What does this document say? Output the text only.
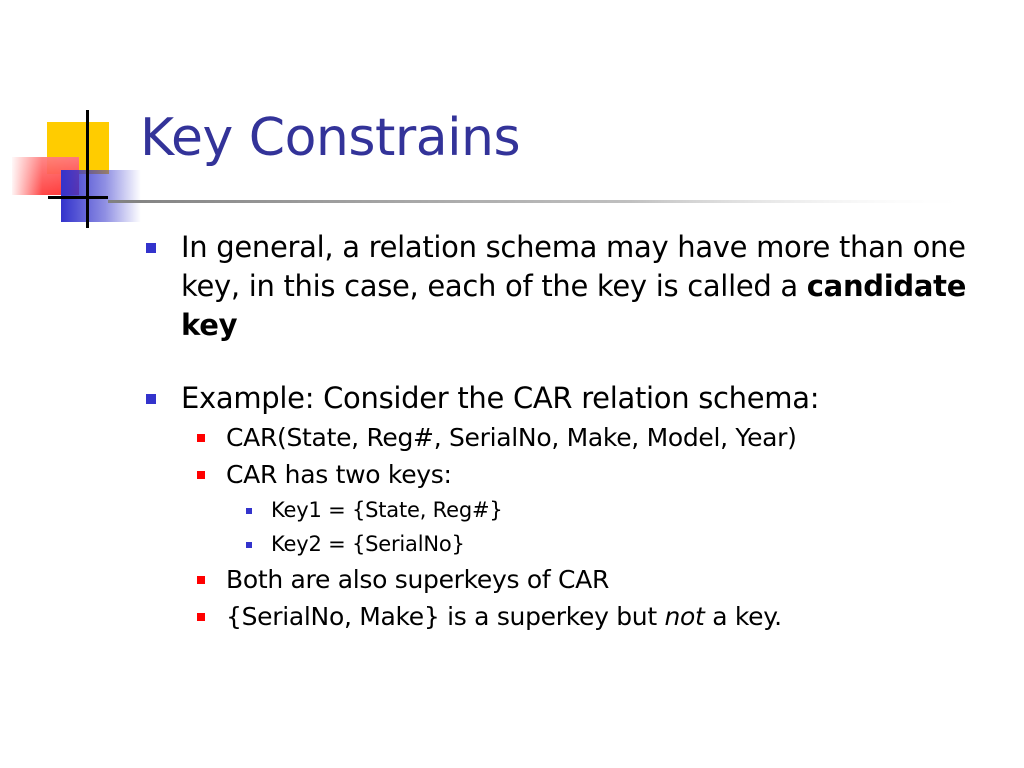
Key Constrains
In general, a relation schema may have more than one key, in this case, each of the key is called a candidate key
Example: Consider the CAR relation schema:
CAR(State, Reg#, SerialNo, Make, Model, Year)
CAR has two keys:
Key1 = {State, Reg#}
Key2 = {SerialNo}
Both are also superkeys of CAR
{SerialNo, Make} is a superkey but not a key.
